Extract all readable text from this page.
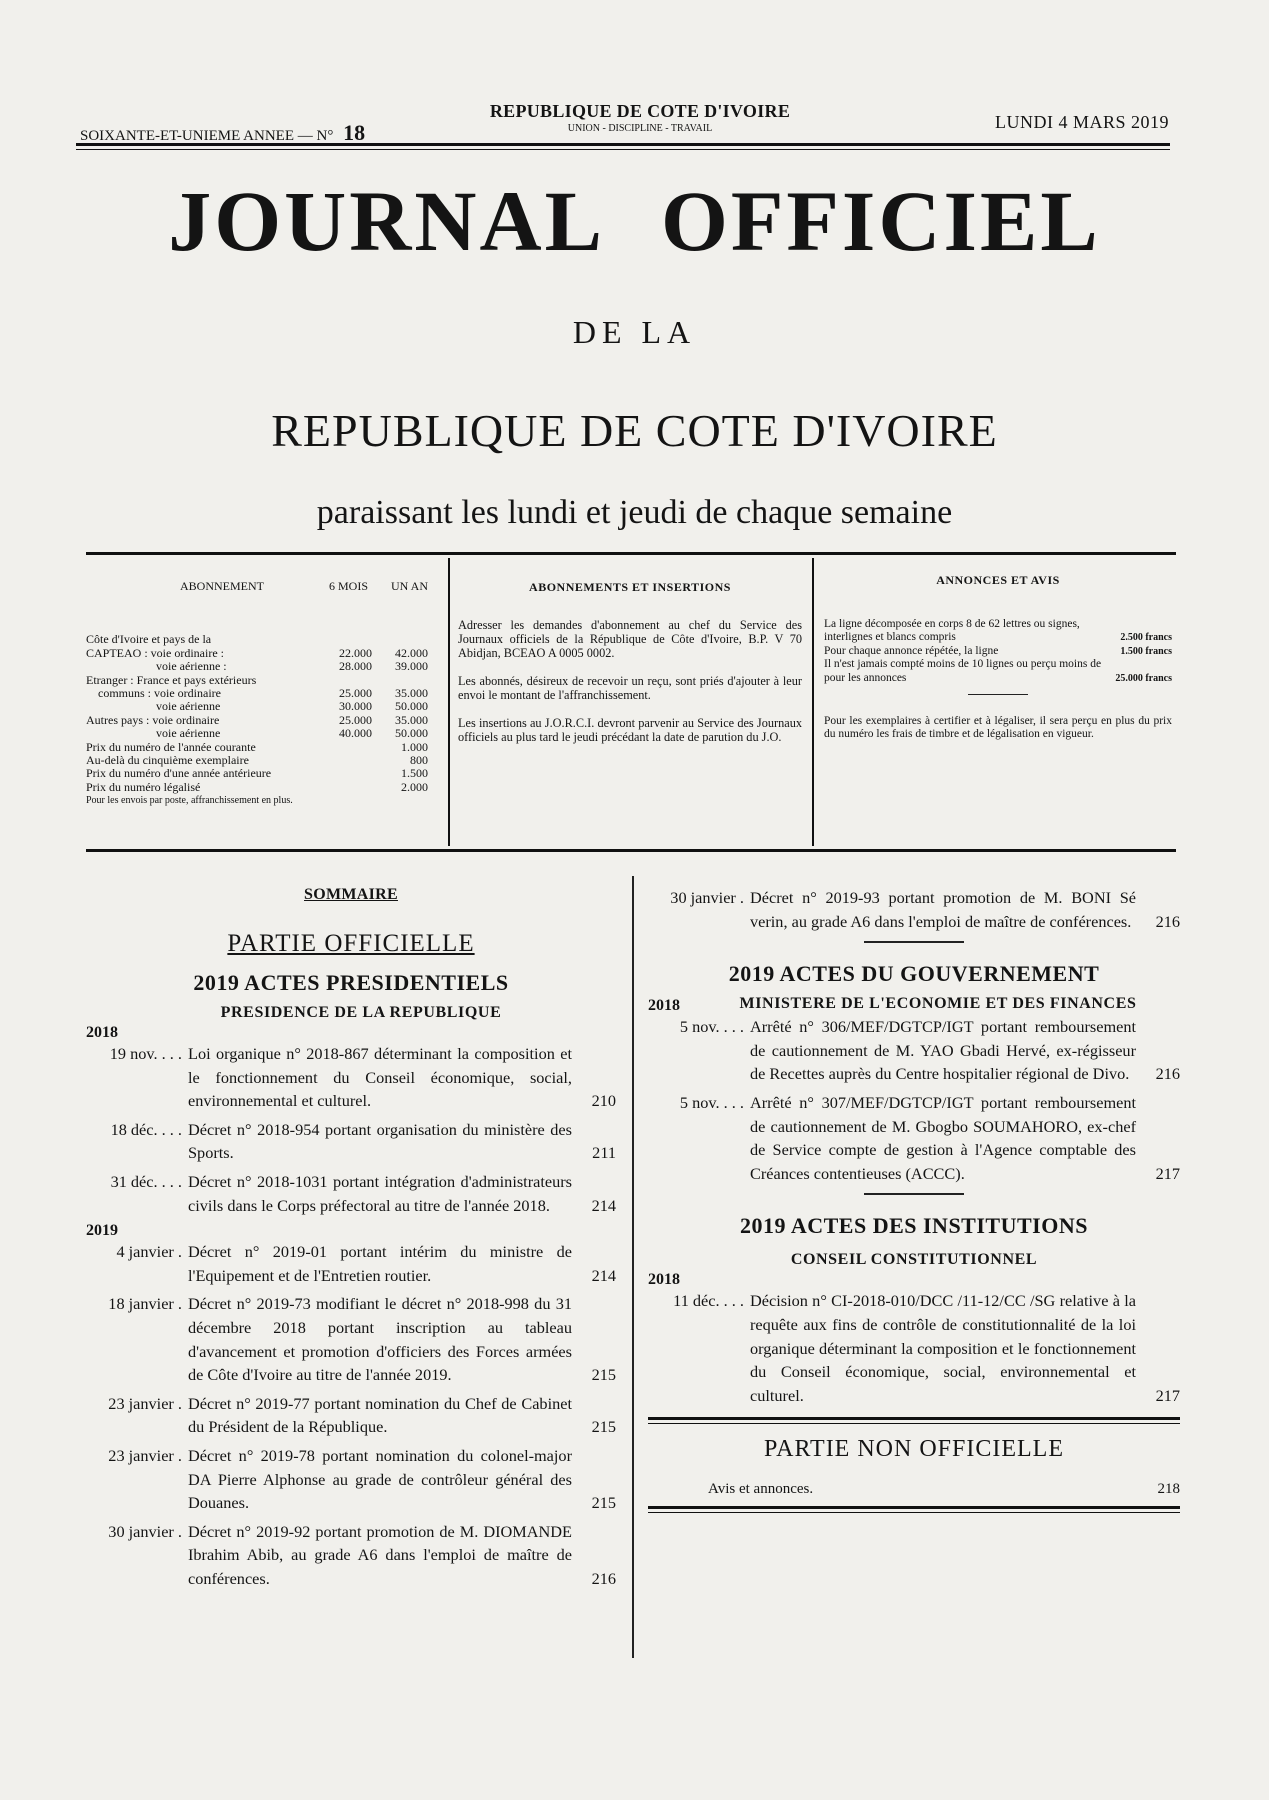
SOIXANTE-ET-UNIEME ANNEE — N° 18
REPUBLIQUE DE COTE D'IVOIRE
UNION - DISCIPLINE - TRAVAIL	LUNDI 4 MARS 2019
JOURNAL OFFICIEL
DE LA
REPUBLIQUE DE COTE D'IVOIRE
paraissant les lundi et jeudi de chaque semaine
ABONNEMENT	6 MOIS	UN AN
Côte d'Ivoire et pays de la
CAPTEAO : voie ordinaire :	22.000	42.000
voie aérienne :	28.000	39.000
Etranger : France et pays extérieurs
communs : voie ordinaire	25.000	35.000
voie aérienne	30.000	50.000
Autres pays : voie ordinaire	25.000	35.000
voie aérienne	40.000	50.000
Prix du numéro de l'année courante	1.000
Au-delà du cinquième exemplaire	800
Prix du numéro d'une année antérieure	1.500
Prix du numéro légalisé	2.000
Pour les envois par poste, affranchissement en plus.
ABONNEMENTS ET INSERTIONS

Adresser les demandes d'abonnement au chef du Service des Journaux officiels de la République de Côte d'Ivoire, B.P. V 70 Abidjan, BCEAO A 0005 0002.

Les abonnés, désireux de recevoir un reçu, sont priés d'ajouter à leur envoi le montant de l'affranchissement.

Les insertions au J.O.R.C.I. devront parvenir au Service des Journaux officiels au plus tard le jeudi précédant la date de parution du J.O.

ANNONCES ET AVIS
La ligne décomposée en corps 8 de 62 lettres ou signes, interlignes et blancs compris	2.500 francs
Pour chaque annonce répétée, la ligne	1.500 francs
Il n'est jamais compté moins de 10 lignes ou perçu moins de pour les annonces	25.000 francs
Pour les exemplaires à certifier et à légaliser, il sera perçu en plus du prix du numéro les frais de timbre et de légalisation en vigueur.
SOMMAIRE
PARTIE OFFICIELLE
2019 ACTES PRESIDENTIELS
PRESIDENCE DE LA REPUBLIQUE
2018
19 nov. . . . Loi organique n° 2018-867 déterminant la composition et le fonctionnement du Conseil économique, social, environnemental et culturel.	210
18 déc. . . . Décret n° 2018-954 portant organisation du ministère des Sports.	211
31 déc. . . . Décret n° 2018-1031 portant intégration d'administrateurs civils dans le Corps préfectoral au titre de l'année 2018.	214
2019
4 janvier . Décret n° 2019-01 portant intérim du ministre de l'Equipement et de l'Entretien routier.	214
18 janvier . Décret n° 2019-73 modifiant le décret n° 2018-998 du 31 décembre 2018 portant inscription au tableau d'avancement et promotion d'officiers des Forces armées de Côte d'Ivoire au titre de l'année 2019.	215
23 janvier . Décret n° 2019-77 portant nomination du Chef de Cabinet du Président de la République.	215
23 janvier . Décret n° 2019-78 portant nomination du colonel-major DA Pierre Alphonse au grade de contrôleur général des Douanes.	215
30 janvier . Décret n° 2019-92 portant promotion de M. DIOMANDE Ibrahim Abib, au grade A6 dans l'emploi de maître de conférences.	216
30 janvier . Décret n° 2019-93 portant promotion de M. BONI Sé verin, au grade A6 dans l'emploi de maître de conférences.	216
2019 ACTES DU GOUVERNEMENT
2018	MINISTERE DE L'ECONOMIE ET DES FINANCES
5 nov. . . . Arrêté n° 306/MEF/DGTCP/IGT portant remboursement de cautionnement de M. YAO Gbadi Hervé, ex-régisseur de Recettes auprès du Centre hospitalier régional de Divo.	216
5 nov. . . . Arrêté n° 307/MEF/DGTCP/IGT portant remboursement de cautionnement de M. Gbogbo SOUMAHORO, ex-chef de Service compte de gestion à l'Agence comptable des Créances contentieuses (ACCC).	217
2019 ACTES DES INSTITUTIONS
CONSEIL CONSTITUTIONNEL
2018
11 déc. . . . Décision n° CI-2018-010/DCC /11-12/CC /SG relative à la requête aux fins de contrôle de constitutionnalité de la loi organique déterminant la composition et le fonctionnement du Conseil économique, social, environnemental et culturel.	217
PARTIE NON OFFICIELLE
Avis et annonces.	218
